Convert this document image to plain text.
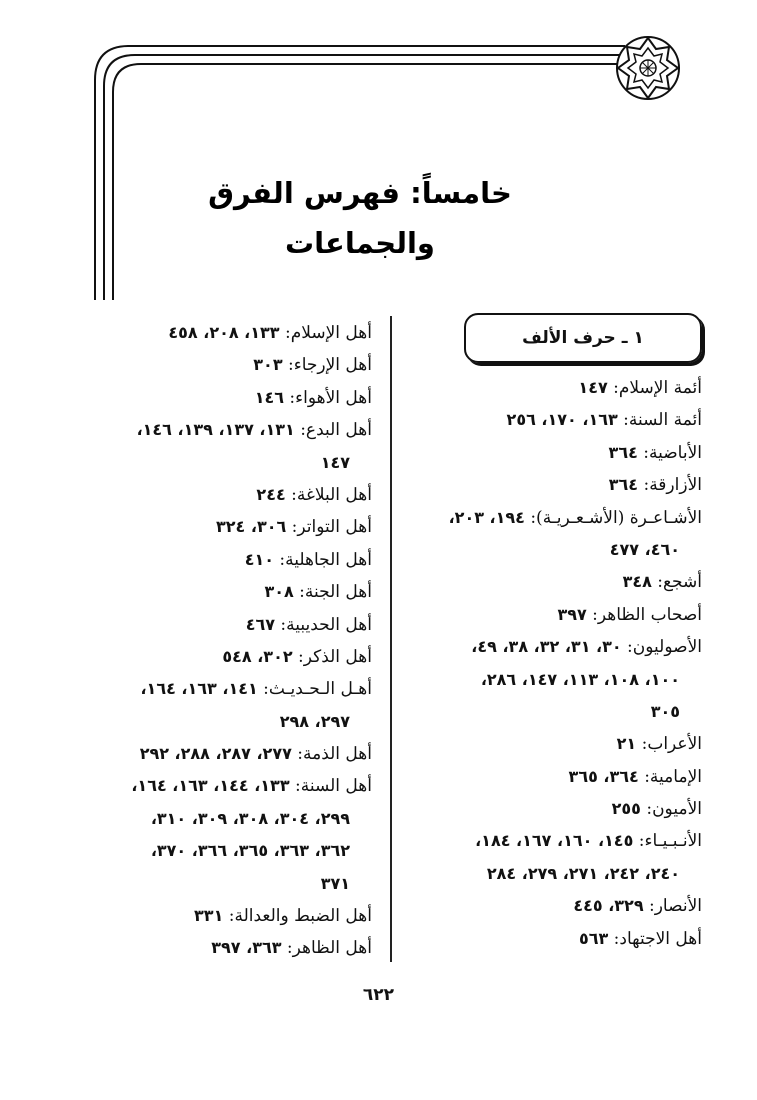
خامساً: فهرس الفرق والجماعات
١ ـ حرف الألف
أئمة الإسلام: ١٤٧
أئمة السنة: ١٦٣، ١٧٠، ٢٥٦
الأباضية: ٣٦٤
الأزارقة: ٣٦٤
الأشـاعـرة (الأشـعـريـة): ١٩٤، ٢٠٣،
٤٦٠، ٤٧٧
أشجع: ٣٤٨
أصحاب الظاهر: ٣٩٧
الأصوليون: ٣٠، ٣١، ٣٢، ٣٨، ٤٩،
١٠٠، ١٠٨، ١١٣، ١٤٧، ٢٨٦،
٣٠٥
الأعراب: ٢١
الإمامية: ٣٦٤، ٣٦٥
الأميون: ٢٥٥
الأنـبـيـاء: ١٤٥، ١٦٠، ١٦٧، ١٨٤،
٢٤٠، ٢٤٢، ٢٧١، ٢٧٩، ٢٨٤
الأنصار: ٣٢٩، ٤٤٥
أهل الاجتهاد: ٥٦٣
أهل الإسلام: ١٣٣، ٢٠٨، ٤٥٨
أهل الإرجاء: ٣٠٣
أهل الأهواء: ١٤٦
أهل البدع: ١٣١، ١٣٧، ١٣٩، ١٤٦،
١٤٧
أهل البلاغة: ٢٤٤
أهل التواتر: ٣٠٦، ٣٢٤
أهل الجاهلية: ٤١٠
أهل الجنة: ٣٠٨
أهل الحديبية: ٤٦٧
أهل الذكر: ٣٠٢، ٥٤٨
أهـل الـحـديـث: ١٤١، ١٦٣، ١٦٤،
٢٩٧، ٢٩٨
أهل الذمة: ٢٧٧، ٢٨٧، ٢٨٨، ٢٩٢
أهل السنة: ١٣٣، ١٤٤، ١٦٣، ١٦٤،
٢٩٩، ٣٠٤، ٣٠٨، ٣٠٩، ٣١٠،
٣٦٢، ٣٦٣، ٣٦٥، ٣٦٦، ٣٧٠،
٣٧١
أهل الضبط والعدالة: ٣٣١
أهل الظاهر: ٣٦٣، ٣٩٧
٦٢٢
